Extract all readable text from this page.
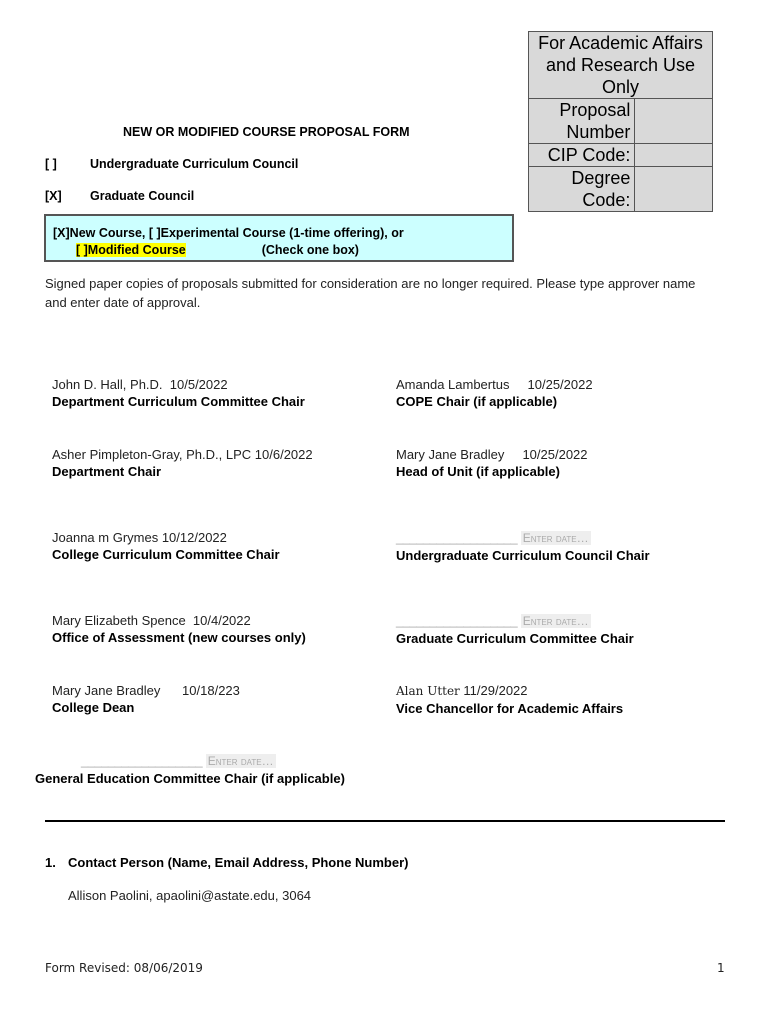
For Academic Affairs and Research Use Only	
Proposal Number	
CIP Code:	
Degree Code:	
NEW OR MODIFIED COURSE PROPOSAL FORM
[ ]	Undergraduate Curriculum Council
[X] Graduate Council
[X]New Course, [ ]Experimental Course (1-time offering), or
[ ]Modified Course	(Check one box)
Signed paper copies of proposals submitted for consideration are no longer required. Please type approver name and enter date of approval.
John D. Hall, Ph.D.  10/5/2022
Department Curriculum Committee Chair
Amanda Lambertus     10/25/2022
COPE Chair (if applicable)
Asher Pimpleton-Gray, Ph.D., LPC 10/6/2022
Department Chair
Mary Jane Bradley     10/25/2022
Head of Unit (if applicable)
Joanna m Grymes 10/12/2022
College Curriculum Committee Chair
__________________ Enter date…
Undergraduate Curriculum Council Chair
Mary Elizabeth Spence  10/4/2022
Office of Assessment (new courses only)
__________________ Enter date…
Graduate Curriculum Committee Chair
Mary Jane Bradley      10/18/223
College Dean
Alan Utter 11/29/2022
Vice Chancellor for Academic Affairs
__________________ Enter date…
General Education Committee Chair (if applicable)
1. Contact Person (Name, Email Address, Phone Number)
Allison Paolini, apaolini@astate.edu, 3064
Form Revised: 08/06/2019	1
